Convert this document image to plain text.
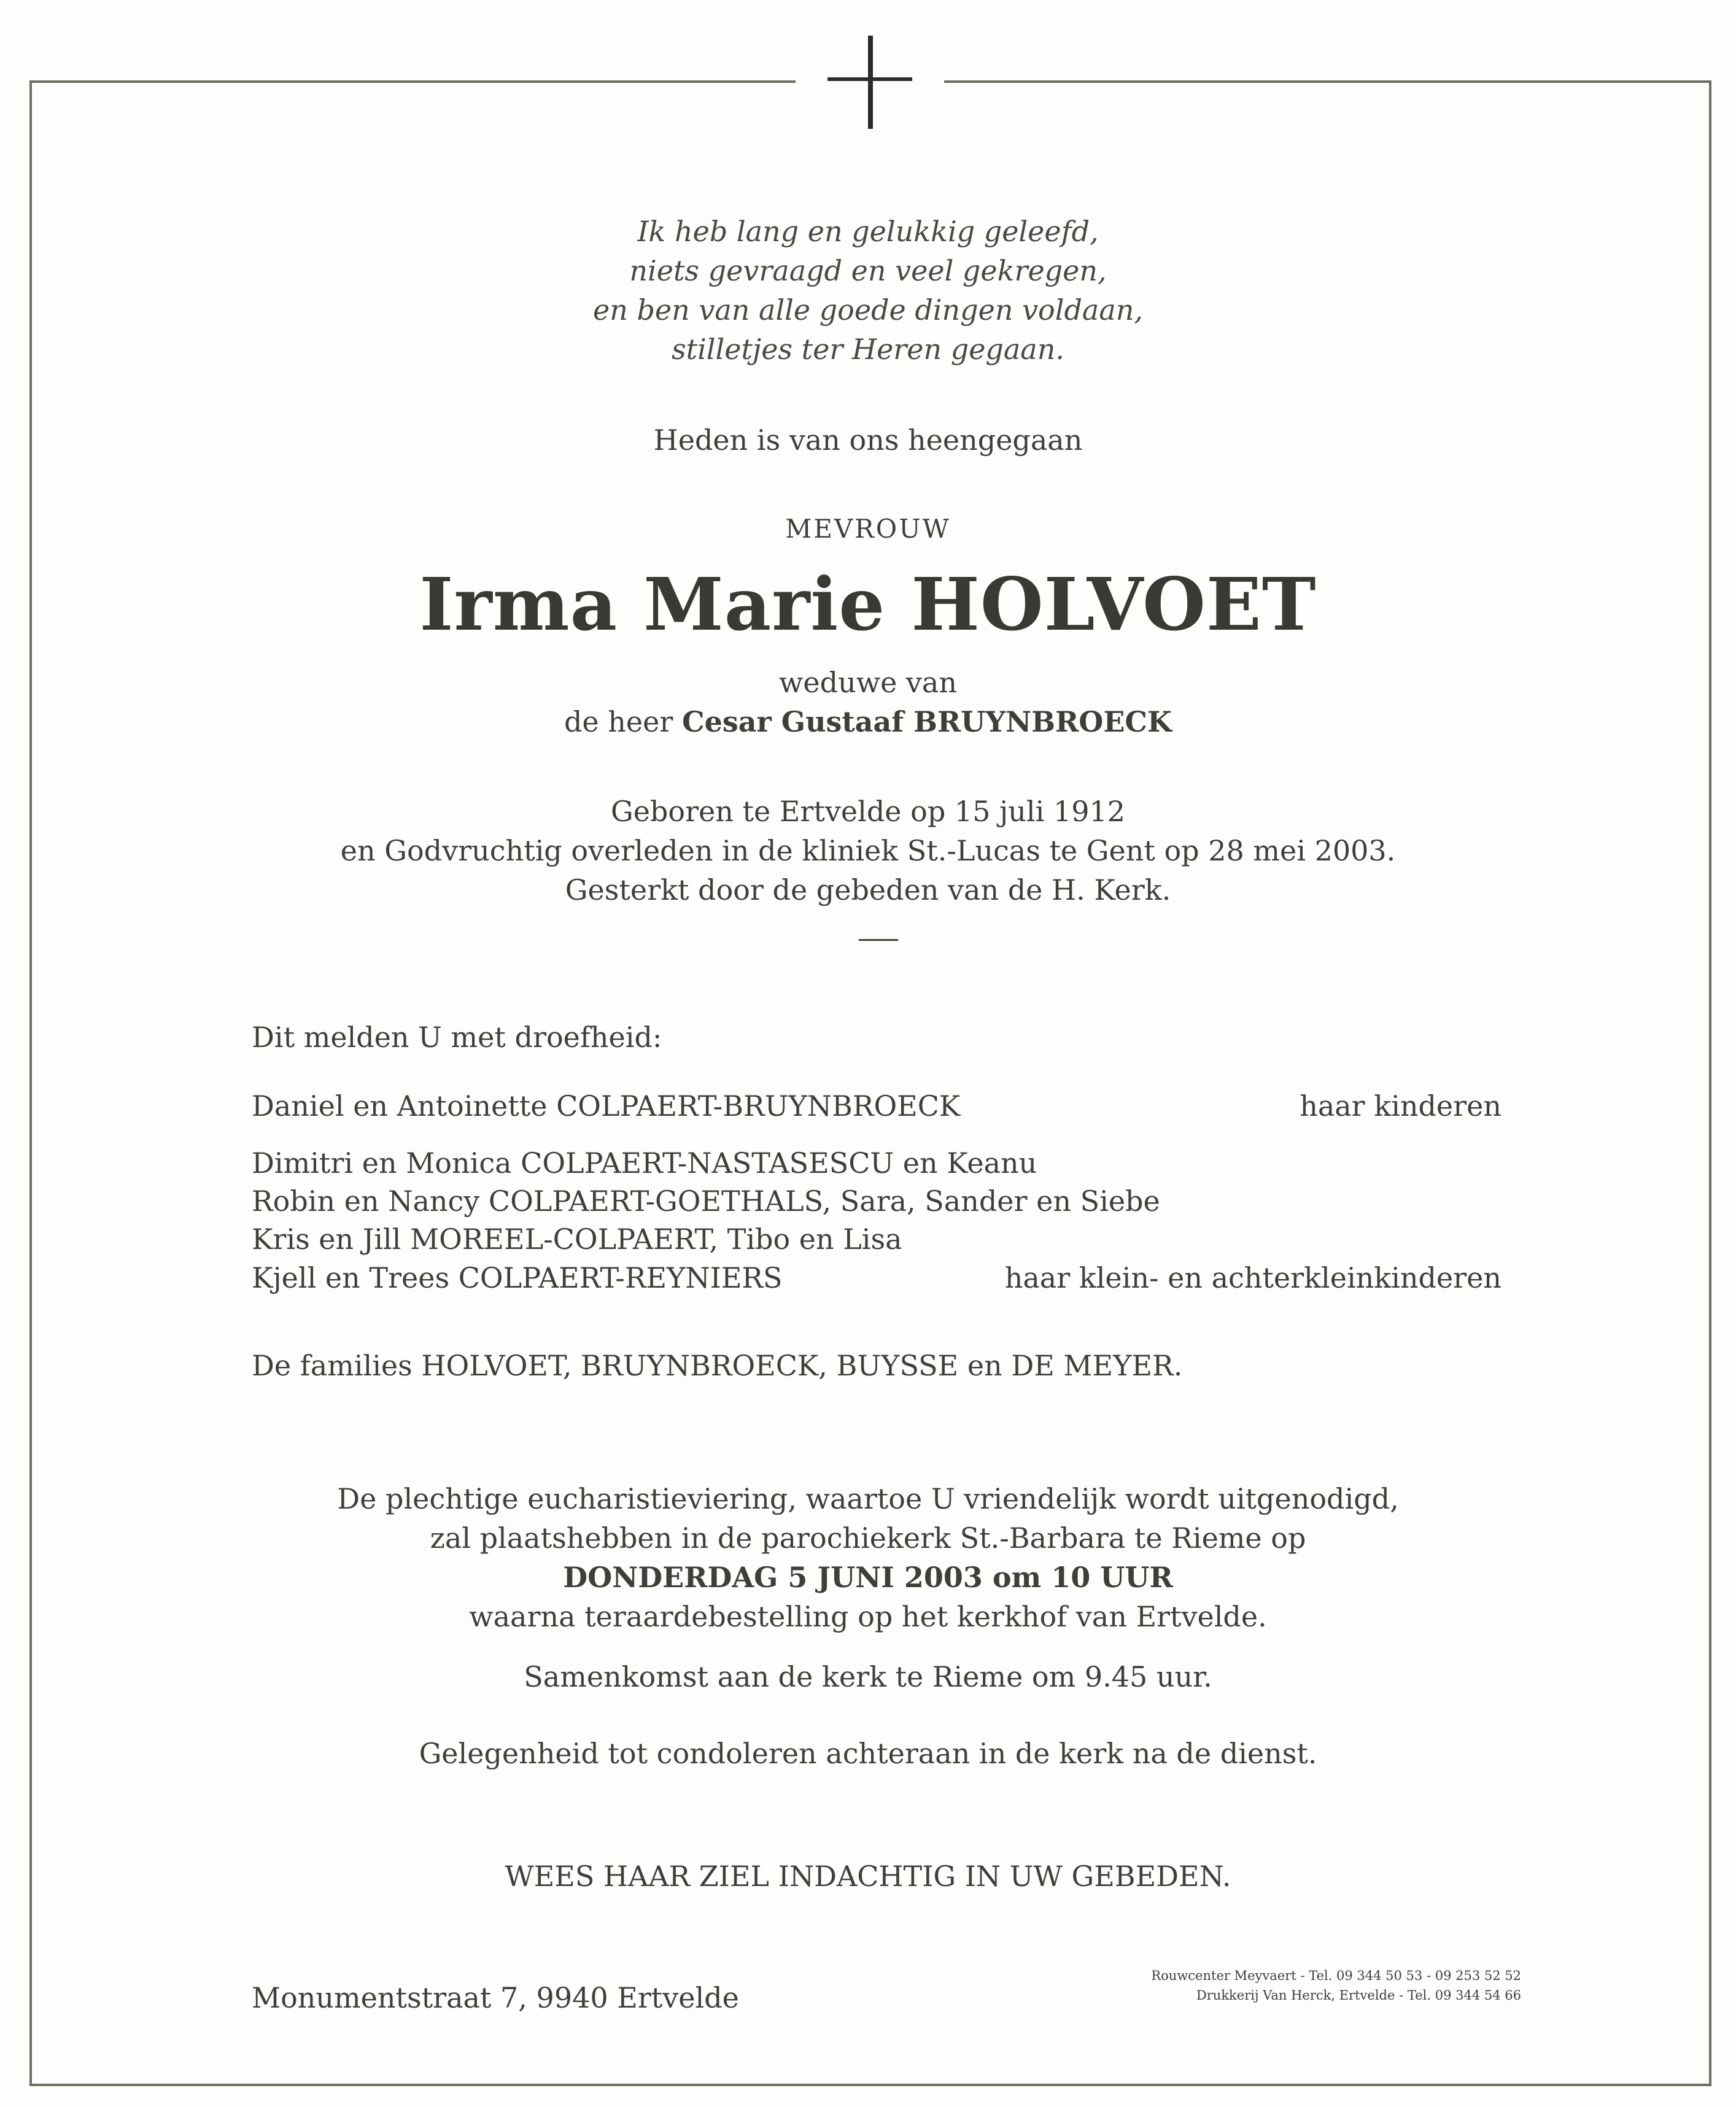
Ik heb lang en gelukkig geleefd,
niets gevraagd en veel gekregen,
en ben van alle goede dingen voldaan,
stilletjes ter Heren gegaan.
Heden is van ons heengegaan
MEVROUW
Irma Marie HOLVOET
weduwe van
de heer Cesar Gustaaf BRUYNBROECK
Geboren te Ertvelde op 15 juli 1912
en Godvruchtig overleden in de kliniek St.-Lucas te Gent op 28 mei 2003.
Gesterkt door de gebeden van de H. Kerk.
Dit melden U met droefheid:
Daniel en Antoinette COLPAERT-BRUYNBROECK	haar kinderen
Dimitri en Monica COLPAERT-NASTASESCU en Keanu
Robin en Nancy COLPAERT-GOETHALS, Sara, Sander en Siebe
Kris en Jill MOREEL-COLPAERT, Tibo en Lisa
Kjell en Trees COLPAERT-REYNIERS	haar klein- en achterkleinkinderen
De families HOLVOET, BRUYNBROECK, BUYSSE en DE MEYER.
De plechtige eucharistieviering, waartoe U vriendelijk wordt uitgenodigd,
zal plaatshebben in de parochiekerk St.-Barbara te Rieme op
DONDERDAG 5 JUNI 2003 om 10 UUR
waarna teraardebestelling op het kerkhof van Ertvelde.
Samenkomst aan de kerk te Rieme om 9.45 uur.
Gelegenheid tot condoleren achteraan in de kerk na de dienst.
WEES HAAR ZIEL INDACHTIG IN UW GEBEDEN.
Monumentstraat 7, 9940 Ertvelde
Rouwcenter Meyvaert - Tel. 09 344 50 53 - 09 253 52 52
Drukkerij Van Herck, Ertvelde - Tel. 09 344 54 66
